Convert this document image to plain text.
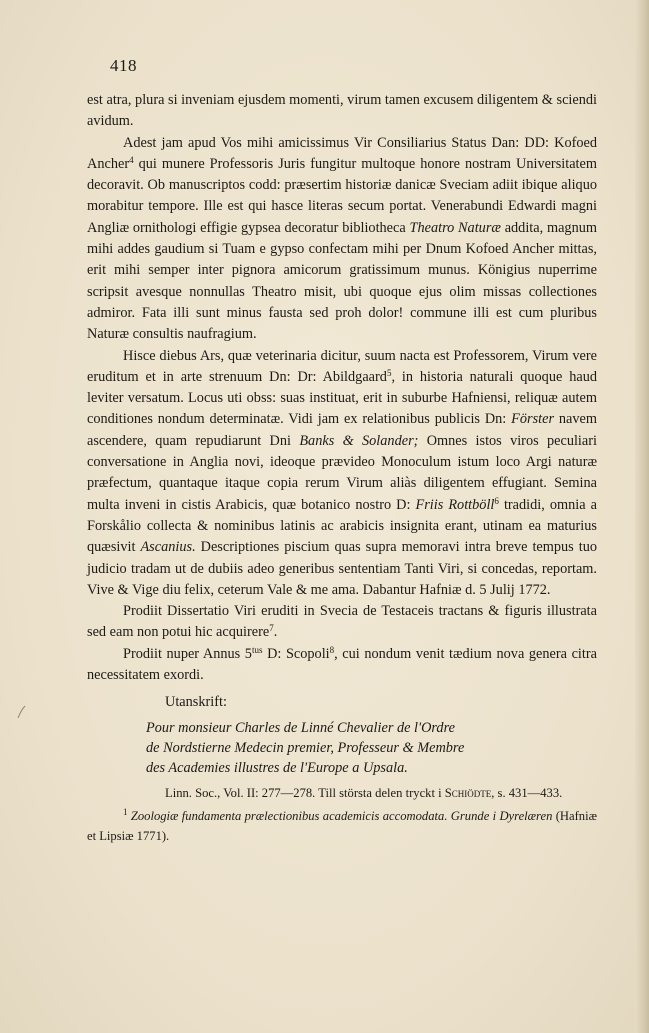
418

est atra, plura si inveniam ejusdem momenti, virum tamen excusem diligentem & sciendi avidum.

Adest jam apud Vos mihi amicissimus Vir Consiliarius Status Dan: DD: Kofoed Ancher$^4$ qui munere Professoris Juris fungitur multoque honore nostram Universitatem decoravit. Ob manuscriptos codd: præsertim historiæ danicæ Sveciam adiit ibique aliquo morabitur tempore. Ille est qui hasce literas secum portat. Venerabundi Edwardi magni Angliæ ornithologi effigie gypsea decoratur bibliotheca Theatro Naturæ addita, magnum mihi addes gaudium si Tuam e gypso confectam mihi per Dnum Kofoed Ancher mittas, erit mihi semper inter pignora amicorum gratissimum munus. Königius nuperrime scripsit avesque nonnullas Theatro misit, ubi quoque ejus olim missas collectiones admiror. Fata illi sunt minus fausta sed proh dolor! commune illi est cum pluribus Naturæ consultis naufragium.

Hisce diebus Ars, quæ veterinaria dicitur, suum nacta est Professorem, Virum vere eruditum et in arte strenuum Dn: Dr: Abildgaard$^5$, in historia naturali quoque haud leviter versatum. Locus uti obss: suas instituat, erit in suburbe Hafniensi, reliquæ autem conditiones nondum determinatæ. Vidi jam ex relationibus publicis Dn: Förster navem ascendere, quam repudiarunt Dni Banks & Solander; Omnes istos viros peculiari conversatione in Anglia novi, ideoque prævideo Monoculum istum loco Argi naturæ præfectum, quantaque itaque copia rerum Virum aliàs diligentem effugiant. Semina multa inveni in cistis Arabicis, quæ botanico nostro D: Friis Rottböll$^6$ tradidi, omnia a Forskålio collecta & nominibus latinis ac arabicis insignita erant, utinam ea maturius quæsivit Ascanius. Descriptiones piscium quas supra memoravi intra breve tempus tuo judicio tradam ut de dubiis adeo generibus sententiam Tanti Viri, si concedas, reportam. Vive & Vige diu felix, ceterum Vale & me ama. Dabantur Hafniæ d. 5 Julij 1772.

Prodiit Dissertatio Viri eruditi in Svecia de Testaceis tractans & figuris illustrata sed eam non potui hic acquirere$^7$.

Prodiit nuper Annus $5^{tus}$ D: Scopoli$^8$, cui nondum venit tædium nova genera citra necessitatem exordi.

Utanskrift:

Pour monsieur Charles de Linné Chevalier de l'Ordre
de Nordstierne Medecin premier, Professeur & Membre
des Academies illustres de l'Europe a Upsala.

Linn. Soc., Vol. II: 277—278. Till största delen tryckt i Schiödte, s. 431—433.

$^1$ Zoologiæ fundamenta prælectionibus academicis accomodata. Grunde i Dyrelæren (Hafniæ et Lipsiæ 1771).
